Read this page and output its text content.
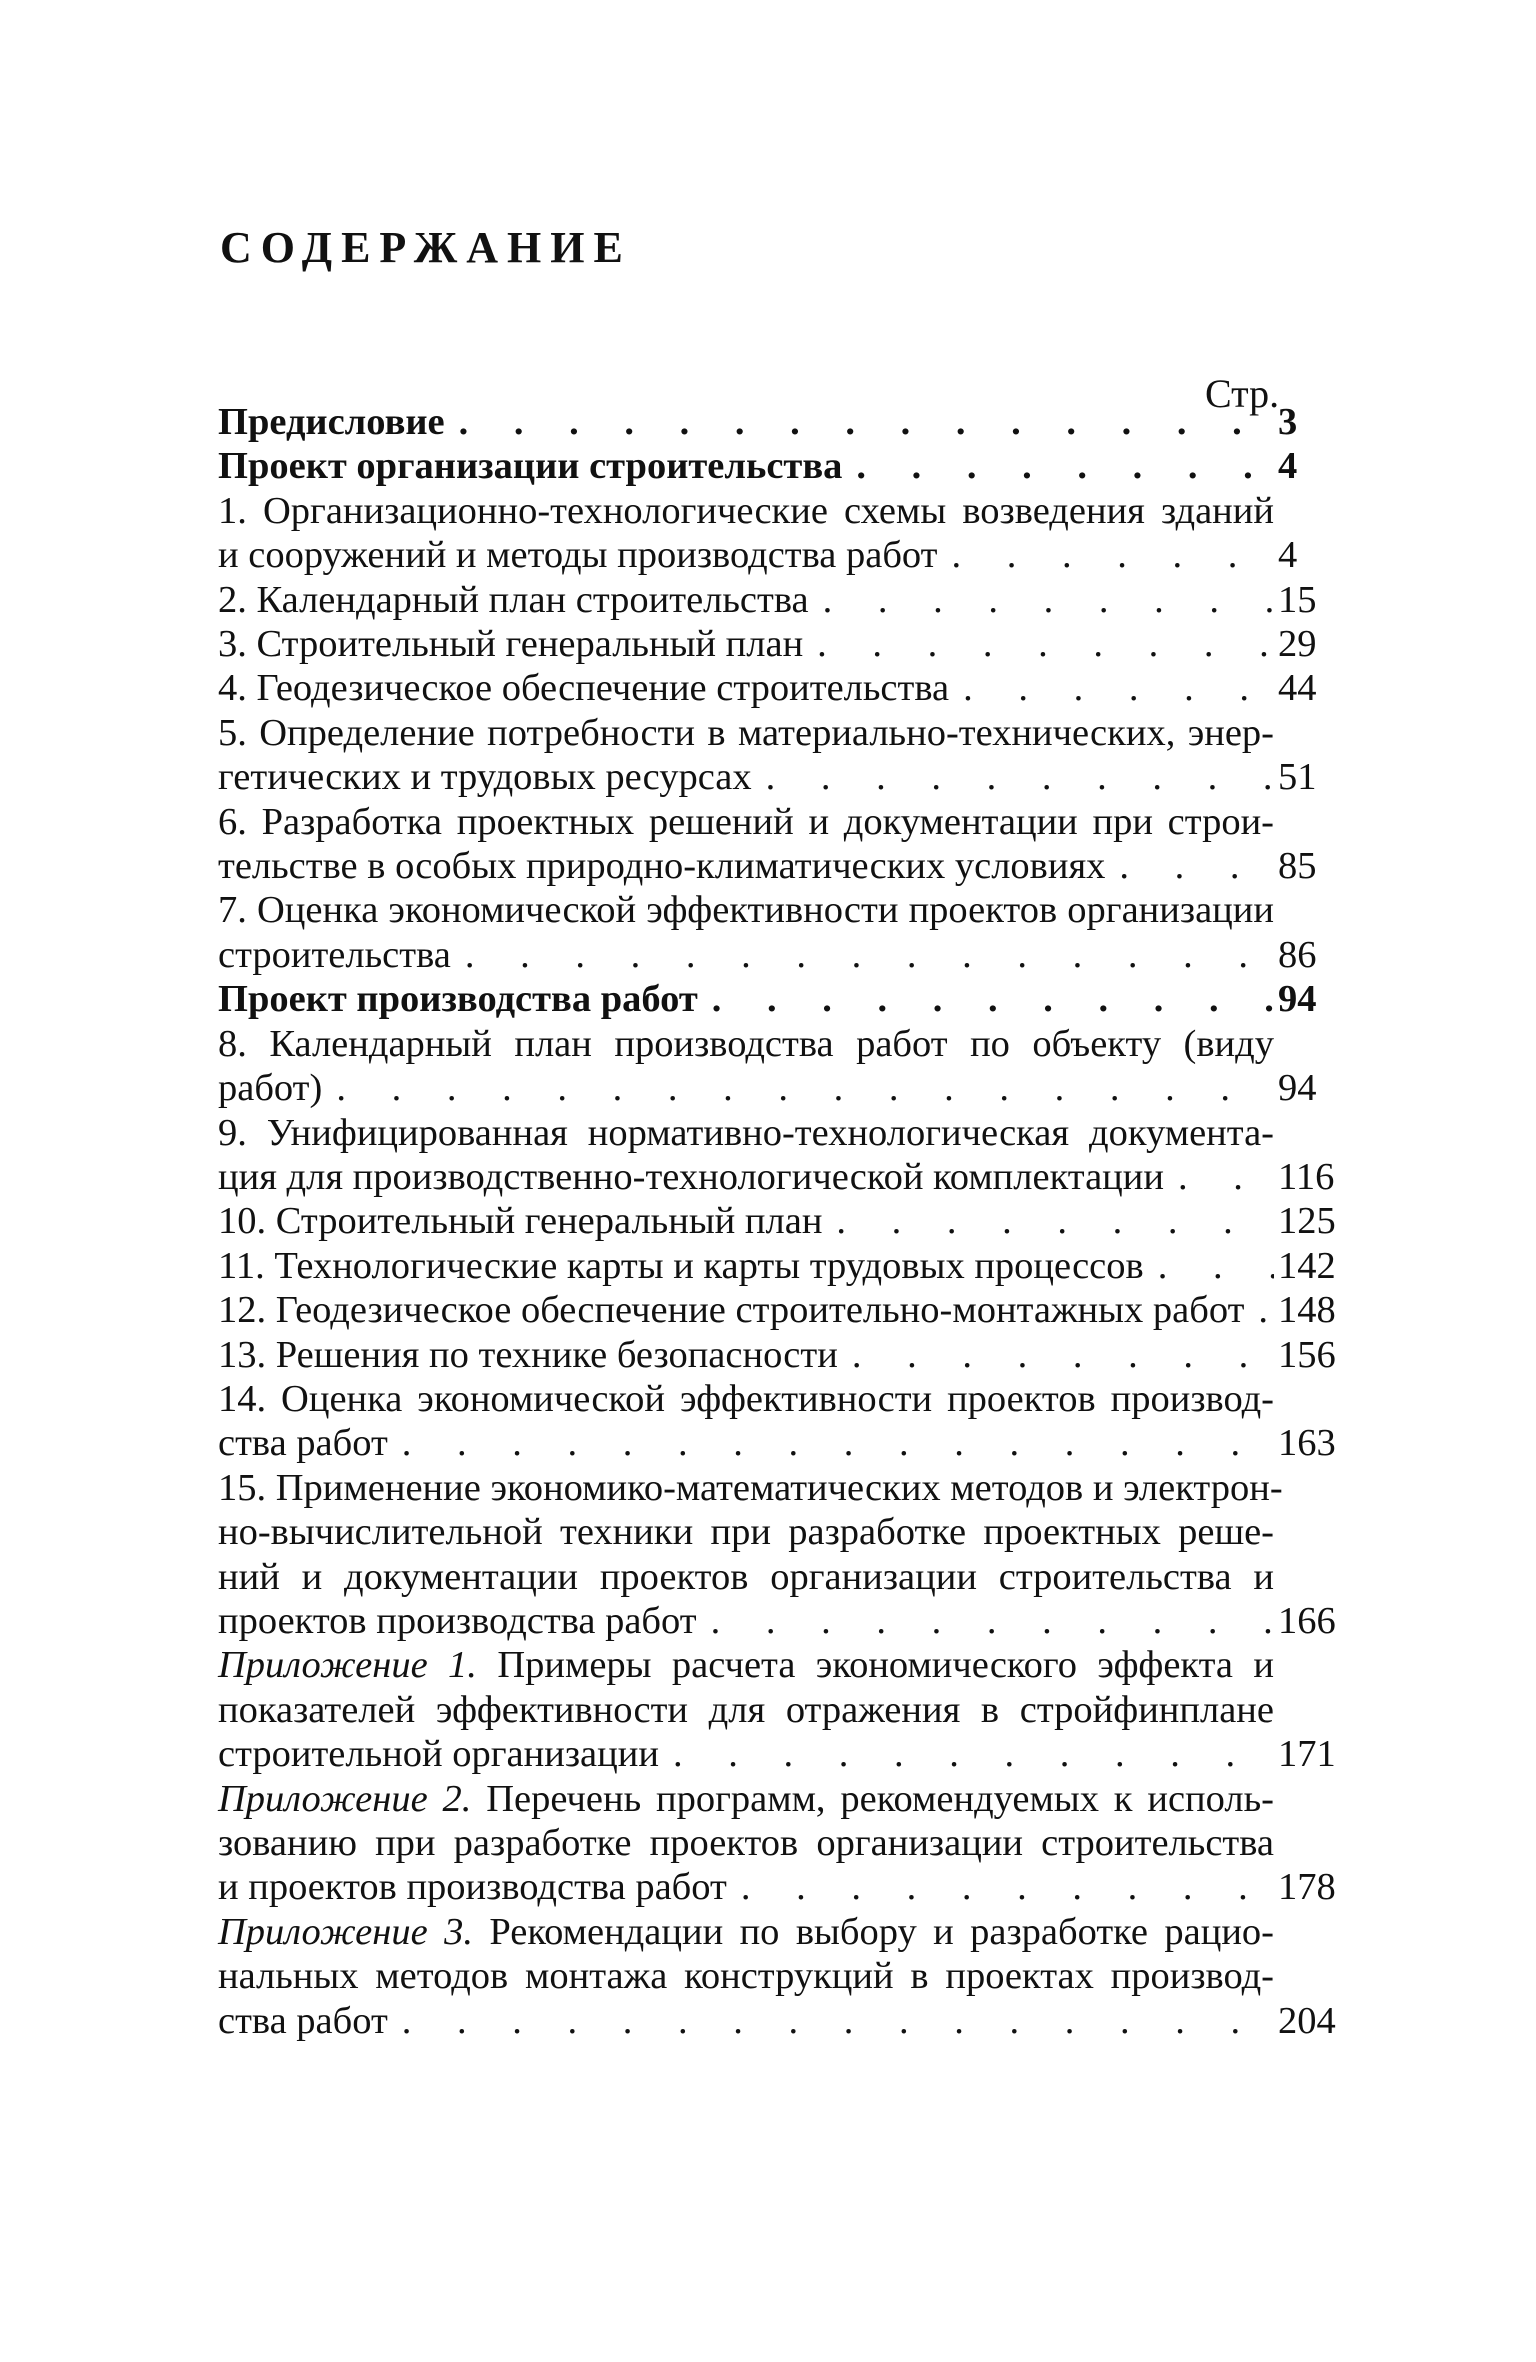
СОДЕРЖАНИЕ
Стр.
Предисловие . . .	3
Проект организации строительства . . .	4
1. Организационно-технологические схемы возведения зданий
и сооружений и методы производства работ . . .	4
2. Календарный план строительства . . .	15
3. Строительный генеральный план . . .	29
4. Геодезическое обеспечение строительства . . .	44
5. Определение потребности в материально-технических, энер-
гетических и трудовых ресурсах . . .	51
6. Разработка проектных решений и документации при строи-
тельстве в особых природно-климатических условиях . . .	85
7. Оценка экономической эффективности проектов организации
строительства . . .	86
Проект производства работ . . .	94
8. Календарный план производства работ по объекту (виду
работ) . . .	94
9. Унифицированная нормативно-технологическая документа-
ция для производственно-технологической комплектации . . .	116
10. Строительный генеральный план . . .	125
11. Технологические карты и карты трудовых процессов . . .	142
12. Геодезическое обеспечение строительно-монтажных работ . . . 148
13. Решения по технике безопасности . . .	156
14. Оценка экономической эффективности проектов производ-
ства работ . . .	163
15. Применение экономико-математических методов и электрон-
но-вычислительной техники при разработке проектных реше-
ний и документации проектов организации строительства и
проектов производства работ . . .	166
Приложение 1. Примеры расчета экономического эффекта и
показателей эффективности для отражения в стройфинплане
строительной организации . . .	171
Приложение 2. Перечень программ, рекомендуемых к исполь-
зованию при разработке проектов организации строительства
и проектов производства работ . . .	178
Приложение 3. Рекомендации по выбору и разработке рацио-
нальных методов монтажа конструкций в проектах производ-
ства работ . . .	204
